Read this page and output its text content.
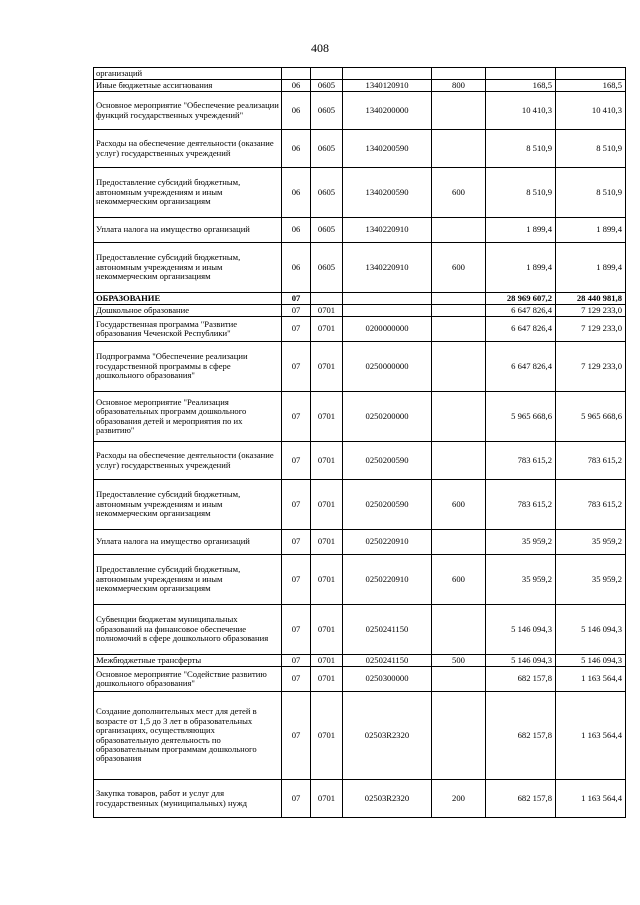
408
организаций						
Иные бюджетные ассигнования	06	0605	1340120910	800	168,5	168,5
Основное мероприятие "Обеспечение реализации функций государственных учреждений"	06	0605	1340200000		10 410,3	10 410,3
Расходы на обеспечение деятельности (оказание услуг) государственных учреждений	06	0605	1340200590		8 510,9	8 510,9
Предоставление субсидий бюджетным, автономным учреждениям и иным некоммерческим организациям	06	0605	1340200590	600	8 510,9	8 510,9
Уплата налога на имущество организаций	06	0605	1340220910		1 899,4	1 899,4
Предоставление субсидий бюджетным, автономным учреждениям и иным некоммерческим организациям	06	0605	1340220910	600	1 899,4	1 899,4
ОБРАЗОВАНИЕ	07				28 969 607,2	28 440 981,8
Дошкольное образование	07	0701			6 647 826,4	7 129 233,0
Государственная программа "Развитие образования Чеченской Республики"	07	0701	0200000000		6 647 826,4	7 129 233,0
Подпрограмма "Обеспечение реализации государственной программы в сфере дошкольного образования"	07	0701	0250000000		6 647 826,4	7 129 233,0
Основное мероприятие "Реализация образовательных программ дошкольного образования детей и мероприятия по их развитию"	07	0701	0250200000		5 965 668,6	5 965 668,6
Расходы на обеспечение деятельности (оказание услуг) государственных учреждений	07	0701	0250200590		783 615,2	783 615,2
Предоставление субсидий бюджетным, автономным учреждениям и иным некоммерческим организациям	07	0701	0250200590	600	783 615,2	783 615,2
Уплата налога на имущество организаций	07	0701	0250220910		35 959,2	35 959,2
Предоставление субсидий бюджетным, автономным учреждениям и иным некоммерческим организациям	07	0701	0250220910	600	35 959,2	35 959,2
Субвенции бюджетам муниципальных образований на финансовое обеспечение полномочий в сфере дошкольного образования	07	0701	0250241150		5 146 094,3	5 146 094,3
Межбюджетные трансферты	07	0701	0250241150	500	5 146 094,3	5 146 094,3
Основное мероприятие "Содействие развитию дошкольного образования"	07	0701	0250300000		682 157,8	1 163 564,4
Создание дополнительных мест для детей в возрасте от 1,5 до 3 лет в образовательных организациях, осуществляющих образовательную деятельность по образовательным программам дошкольного образования	07	0701	02503R2320		682 157,8	1 163 564,4
Закупка товаров, работ и услуг для государственных (муниципальных) нужд	07	0701	02503R2320	200	682 157,8	1 163 564,4
